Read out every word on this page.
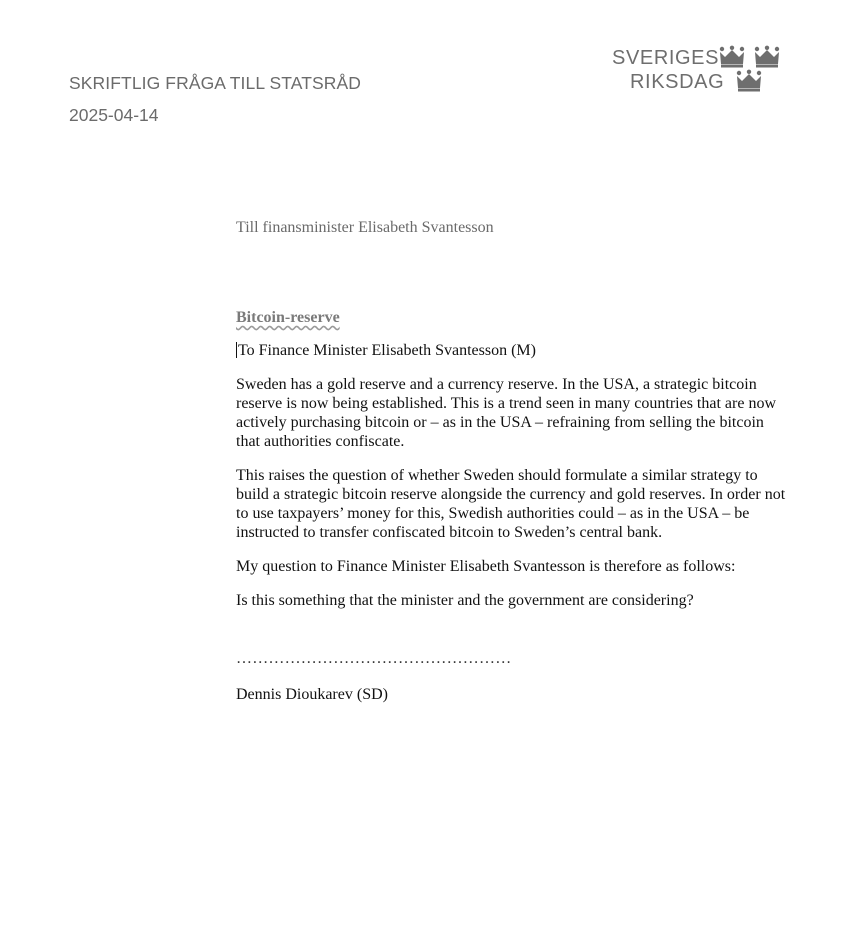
SKRIFTLIG FRÅGA TILL STATSRÅD
2025-04-14
SVERIGES
RIKSDAG
Till finansminister Elisabeth Svantesson
Bitcoin-reserve

To Finance Minister Elisabeth Svantesson (M)

Sweden has a gold reserve and a currency reserve. In the USA, a strategic bitcoin reserve is now being established. This is a trend seen in many countries that are now actively purchasing bitcoin or – as in the USA – refraining from selling the bitcoin that authorities confiscate.

This raises the question of whether Sweden should formulate a similar strategy to build a strategic bitcoin reserve alongside the currency and gold reserves. In order not to use taxpayers’ money for this, Swedish authorities could – as in the USA – be instructed to transfer confiscated bitcoin to Sweden’s central bank.

My question to Finance Minister Elisabeth Svantesson is therefore as follows:

Is this something that the minister and the government are considering?

……………………………………………
Dennis Dioukarev (SD)
